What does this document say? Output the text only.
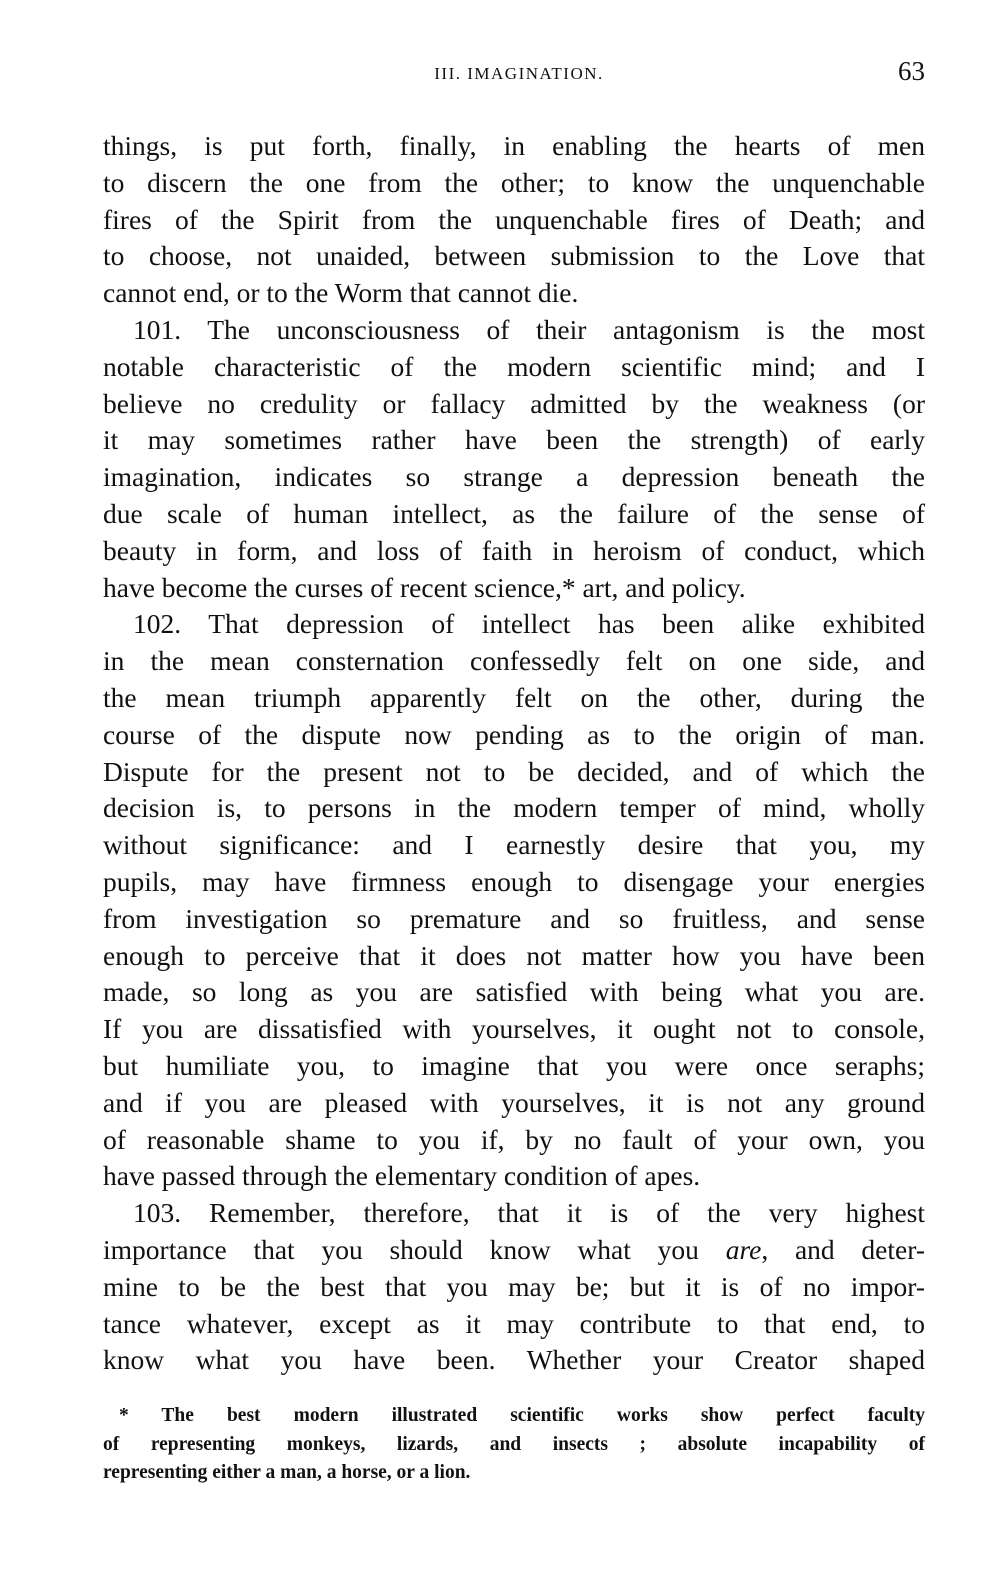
III. IMAGINATION.	63
things, is put forth, finally, in enabling the hearts of men
to discern the one from the other; to know the unquenchable
fires of the Spirit from the unquenchable fires of Death; and
to choose, not unaided, between submission to the Love that
cannot end, or to the Worm that cannot die.
101. The unconsciousness of their antagonism is the most
notable characteristic of the modern scientific mind; and I
believe no credulity or fallacy admitted by the weakness (or
it may sometimes rather have been the strength) of early
imagination, indicates so strange a depression beneath the
due scale of human intellect, as the failure of the sense of
beauty in form, and loss of faith in heroism of conduct, which
have become the curses of recent science,* art, and policy.
102. That depression of intellect has been alike exhibited
in the mean consternation confessedly felt on one side, and
the mean triumph apparently felt on the other, during the
course of the dispute now pending as to the origin of man.
Dispute for the present not to be decided, and of which the
decision is, to persons in the modern temper of mind, wholly
without significance: and I earnestly desire that you, my
pupils, may have firmness enough to disengage your energies
from investigation so premature and so fruitless, and sense
enough to perceive that it does not matter how you have been
made, so long as you are satisfied with being what you are.
If you are dissatisfied with yourselves, it ought not to console,
but humiliate you, to imagine that you were once seraphs;
and if you are pleased with yourselves, it is not any ground
of reasonable shame to you if, by no fault of your own, you
have passed through the elementary condition of apes.
103. Remember, therefore, that it is of the very highest
importance that you should know what you are, and deter-
mine to be the best that you may be; but it is of no impor-
tance whatever, except as it may contribute to that end, to
know what you have been. Whether your Creator shaped
* The best modern illustrated scientific works show perfect faculty
of representing monkeys, lizards, and insects ; absolute incapability of
representing either a man, a horse, or a lion.
